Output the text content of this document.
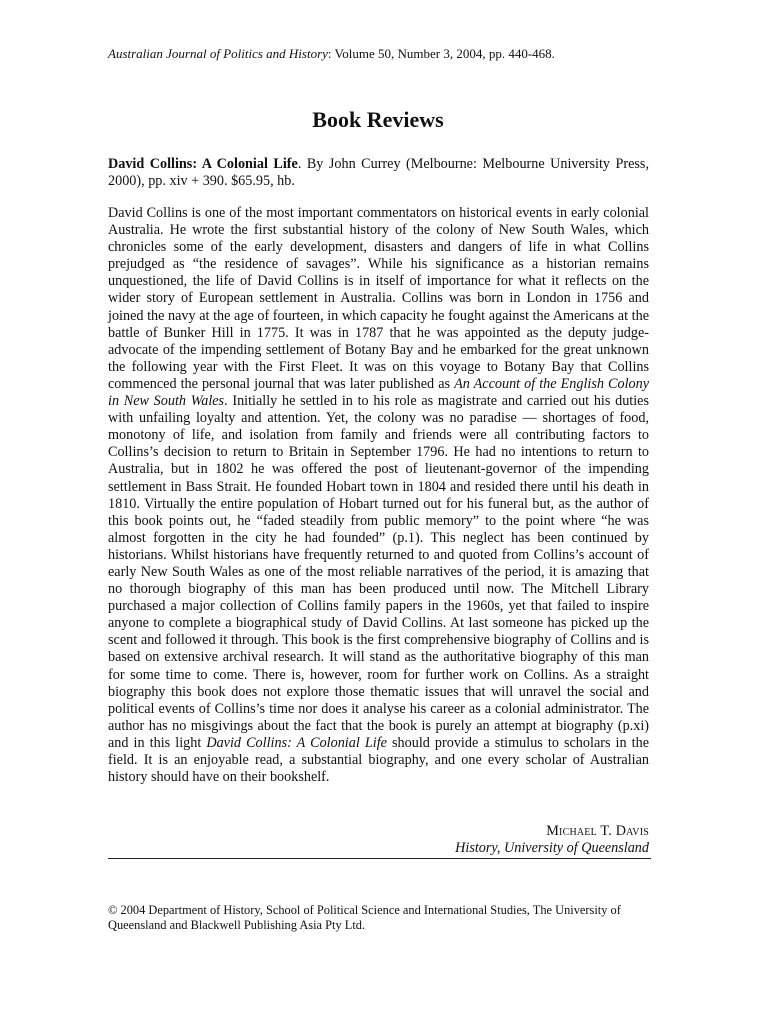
Australian Journal of Politics and History: Volume 50, Number 3, 2004, pp. 440-468.
Book Reviews
David Collins: A Colonial Life. By John Currey (Melbourne: Melbourne University Press, 2000), pp. xiv + 390. $65.95, hb.
David Collins is one of the most important commentators on historical events in early colonial Australia. He wrote the first substantial history of the colony of New South Wales, which chronicles some of the early development, disasters and dangers of life in what Collins prejudged as “the residence of savages”. While his significance as a historian remains unquestioned, the life of David Collins is in itself of importance for what it reflects on the wider story of European settlement in Australia. Collins was born in London in 1756 and joined the navy at the age of fourteen, in which capacity he fought against the Americans at the battle of Bunker Hill in 1775. It was in 1787 that he was appointed as the deputy judge-advocate of the impending settlement of Botany Bay and he embarked for the great unknown the following year with the First Fleet. It was on this voyage to Botany Bay that Collins commenced the personal journal that was later published as An Account of the English Colony in New South Wales. Initially he settled in to his role as magistrate and carried out his duties with unfailing loyalty and attention. Yet, the colony was no paradise — shortages of food, monotony of life, and isolation from family and friends were all contributing factors to Collins’s decision to return to Britain in September 1796. He had no intentions to return to Australia, but in 1802 he was offered the post of lieutenant-governor of the impending settlement in Bass Strait. He founded Hobart town in 1804 and resided there until his death in 1810. Virtually the entire population of Hobart turned out for his funeral but, as the author of this book points out, he “faded steadily from public memory” to the point where “he was almost forgotten in the city he had founded” (p.1). This neglect has been continued by historians. Whilst historians have frequently returned to and quoted from Collins’s account of early New South Wales as one of the most reliable narratives of the period, it is amazing that no thorough biography of this man has been produced until now. The Mitchell Library purchased a major collection of Collins family papers in the 1960s, yet that failed to inspire anyone to complete a biographical study of David Collins. At last someone has picked up the scent and followed it through. This book is the first comprehensive biography of Collins and is based on extensive archival research. It will stand as the authoritative biography of this man for some time to come. There is, however, room for further work on Collins. As a straight biography this book does not explore those thematic issues that will unravel the social and political events of Collins’s time nor does it analyse his career as a colonial administrator. The author has no misgivings about the fact that the book is purely an attempt at biography (p.xi) and in this light David Collins: A Colonial Life should provide a stimulus to scholars in the field. It is an enjoyable read, a substantial biography, and one every scholar of Australian history should have on their bookshelf.
Michael T. Davis
History, University of Queensland
© 2004 Department of History, School of Political Science and International Studies, The University of Queensland and Blackwell Publishing Asia Pty Ltd.
